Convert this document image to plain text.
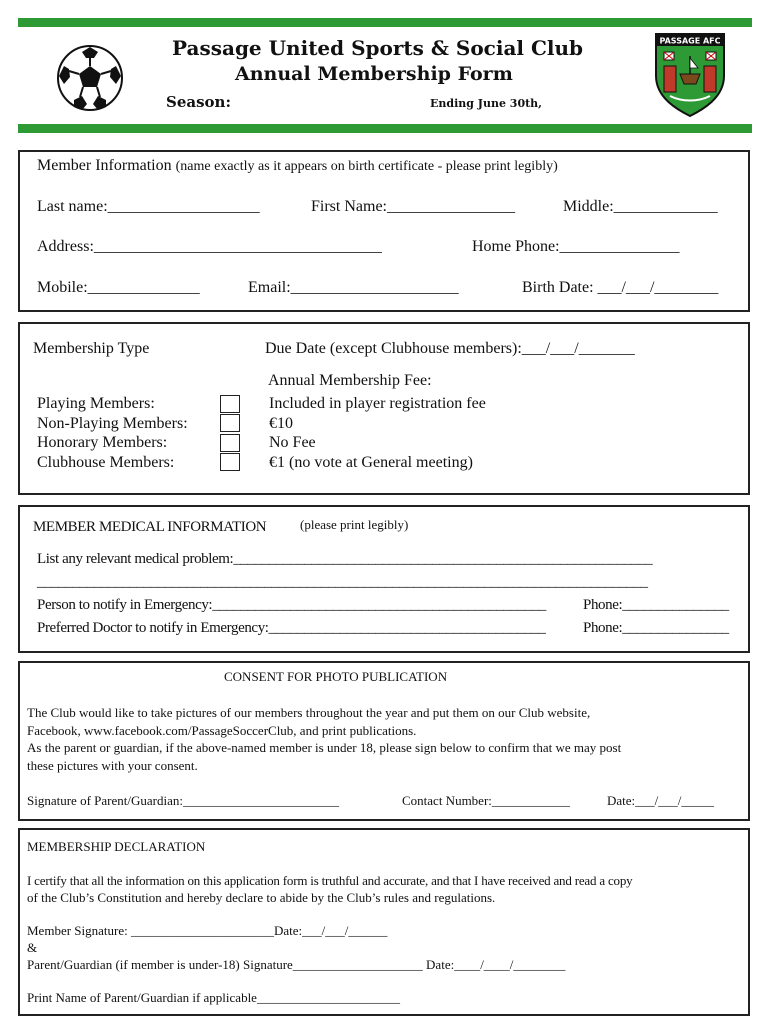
Passage United Sports & Social Club
Annual Membership Form
Season:	Ending June 30th,
PASSAGE AFC
Member Information (name exactly as it appears on birth certificate - please print legibly)
Last name:___________________	First Name:________________	Middle:_____________
Address:____________________________________	Home Phone:_______________
Mobile:______________	Email:_____________________	Birth Date: ___/___/________
Membership Type	Due Date (except Clubhouse members):___/___/_______
Annual Membership Fee:
Playing Members:	Included in player registration fee
Non-Playing Members:	€10
Honorary Members:	No Fee
Clubhouse Members:	€1 (no vote at General meeting)
MEMBER MEDICAL INFORMATION	(please print legibly)
List any relevant medical problem:___________________________________________________________
______________________________________________________________________________________
Person to notify in Emergency:_______________________________________________ Phone:_______________
Preferred Doctor to notify in Emergency:_______________________________________	Phone:_______________
CONSENT FOR PHOTO PUBLICATION
The Club would like to take pictures of our members throughout the year and put them on our Club website,
Facebook, www.facebook.com/PassageSoccerClub, and print publications.
As the parent or guardian, if the above-named member is under 18, please sign below to confirm that we may post
these pictures with your consent.
Signature of Parent/Guardian:________________________	Contact Number:____________	Date:___/___/_____
MEMBERSHIP DECLARATION
I certify that all the information on this application form is truthful and accurate, and that I have received and read a copy
of the Club’s Constitution and hereby declare to abide by the Club’s rules and regulations.
Member Signature: ______________________Date:___/___/______
&
Parent/Guardian (if member is under-18) Signature____________________ Date:____/____/________
Print Name of Parent/Guardian if applicable______________________
